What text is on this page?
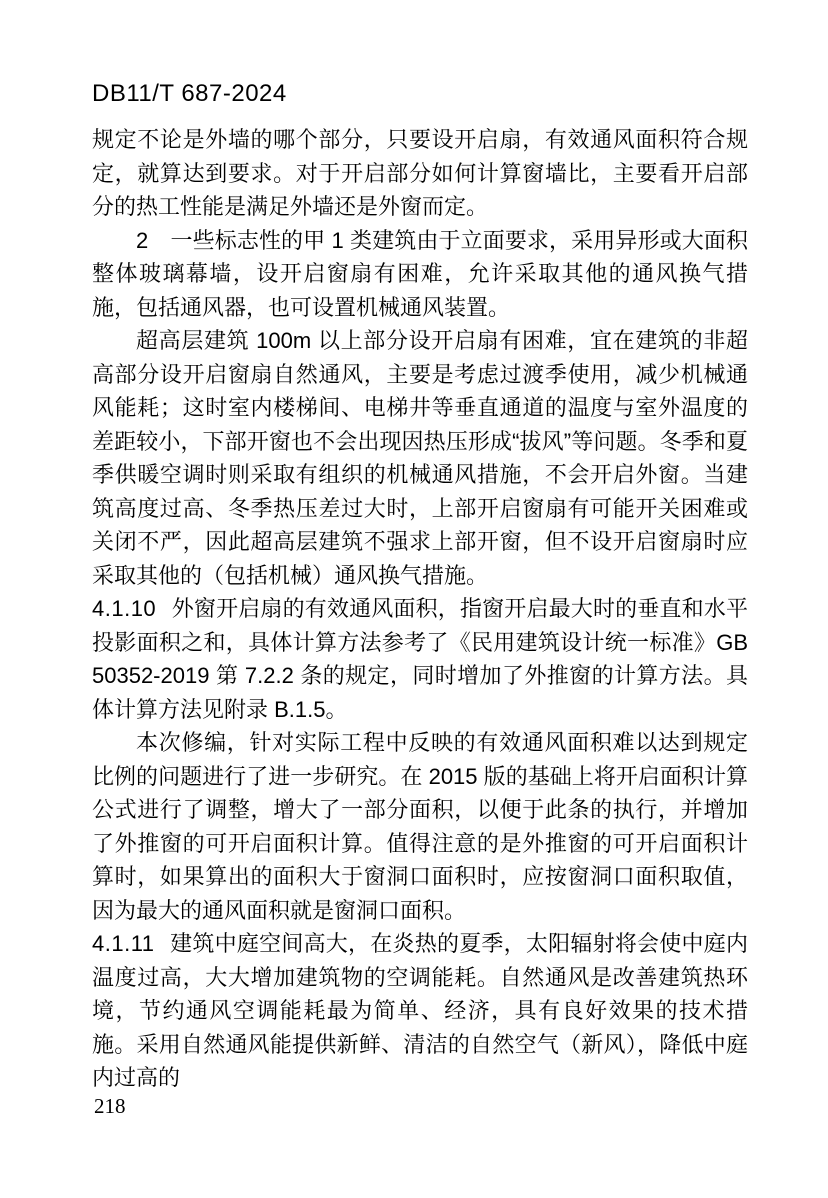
DB11/T 687-2024

规定不论是外墙的哪个部分，只要设开启扇，有效通风面积符合规定，就算达到要求。对于开启部分如何计算窗墙比，主要看开启部分的热工性能是满足外墙还是外窗而定。

2　一些标志性的甲 1 类建筑由于立面要求，采用异形或大面积整体玻璃幕墙，设开启窗扇有困难，允许采取其他的通风换气措施，包括通风器，也可设置机械通风装置。

超高层建筑 100m 以上部分设开启扇有困难，宜在建筑的非超高部分设开启窗扇自然通风，主要是考虑过渡季使用，减少机械通风能耗；这时室内楼梯间、电梯井等垂直通道的温度与室外温度的差距较小，下部开窗也不会出现因热压形成“拔风”等问题。冬季和夏季供暖空调时则采取有组织的机械通风措施，不会开启外窗。当建筑高度过高、冬季热压差过大时，上部开启窗扇有可能开关困难或关闭不严，因此超高层建筑不强求上部开窗，但不设开启窗扇时应采取其他的（包括机械）通风换气措施。

4.1.10 外窗开启扇的有效通风面积，指窗开启最大时的垂直和水平投影面积之和，具体计算方法参考了《民用建筑设计统一标准》GB 50352-2019 第 7.2.2 条的规定，同时增加了外推窗的计算方法。具体计算方法见附录 B.1.5。

本次修编，针对实际工程中反映的有效通风面积难以达到规定比例的问题进行了进一步研究。在 2015 版的基础上将开启面积计算公式进行了调整，增大了一部分面积，以便于此条的执行，并增加了外推窗的可开启面积计算。值得注意的是外推窗的可开启面积计算时，如果算出的面积大于窗洞口面积时，应按窗洞口面积取值，因为最大的通风面积就是窗洞口面积。

4.1.11 建筑中庭空间高大，在炎热的夏季，太阳辐射将会使中庭内温度过高，大大增加建筑物的空调能耗。自然通风是改善建筑热环境，节约通风空调能耗最为简单、经济，具有良好效果的技术措施。采用自然通风能提供新鲜、清洁的自然空气（新风），降低中庭内过高的

218
